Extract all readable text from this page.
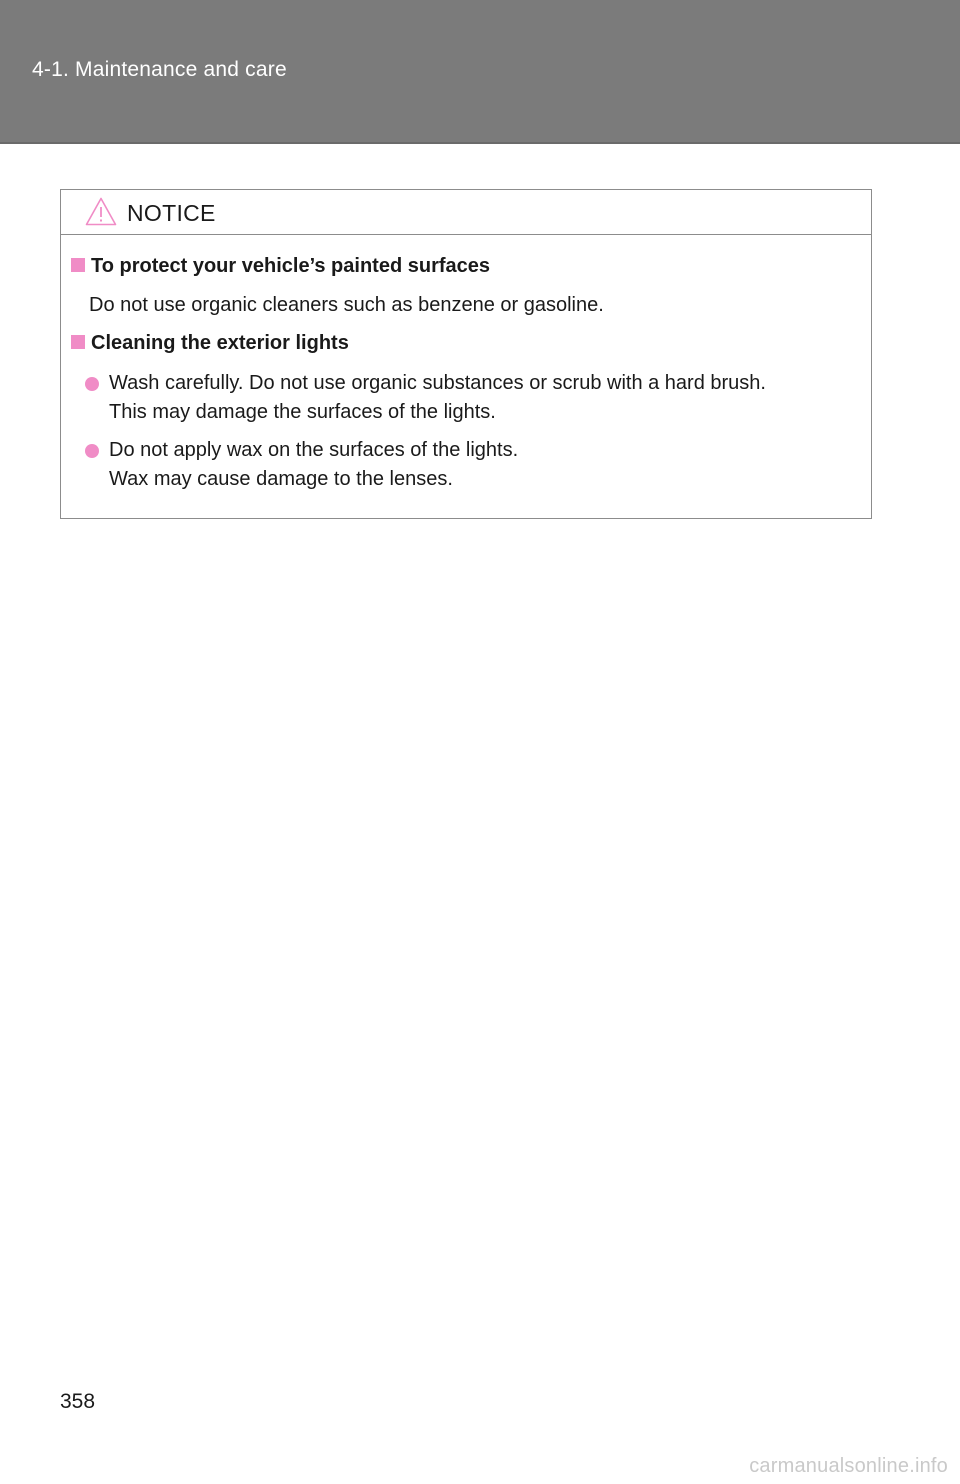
4-1. Maintenance and care
NOTICE
To protect your vehicle’s painted surfaces
Do not use organic cleaners such as benzene or gasoline.
Cleaning the exterior lights
Wash carefully. Do not use organic substances or scrub with a hard brush.
This may damage the surfaces of the lights.
Do not apply wax on the surfaces of the lights.
Wax may cause damage to the lenses.
358
carmanualsonline.info
